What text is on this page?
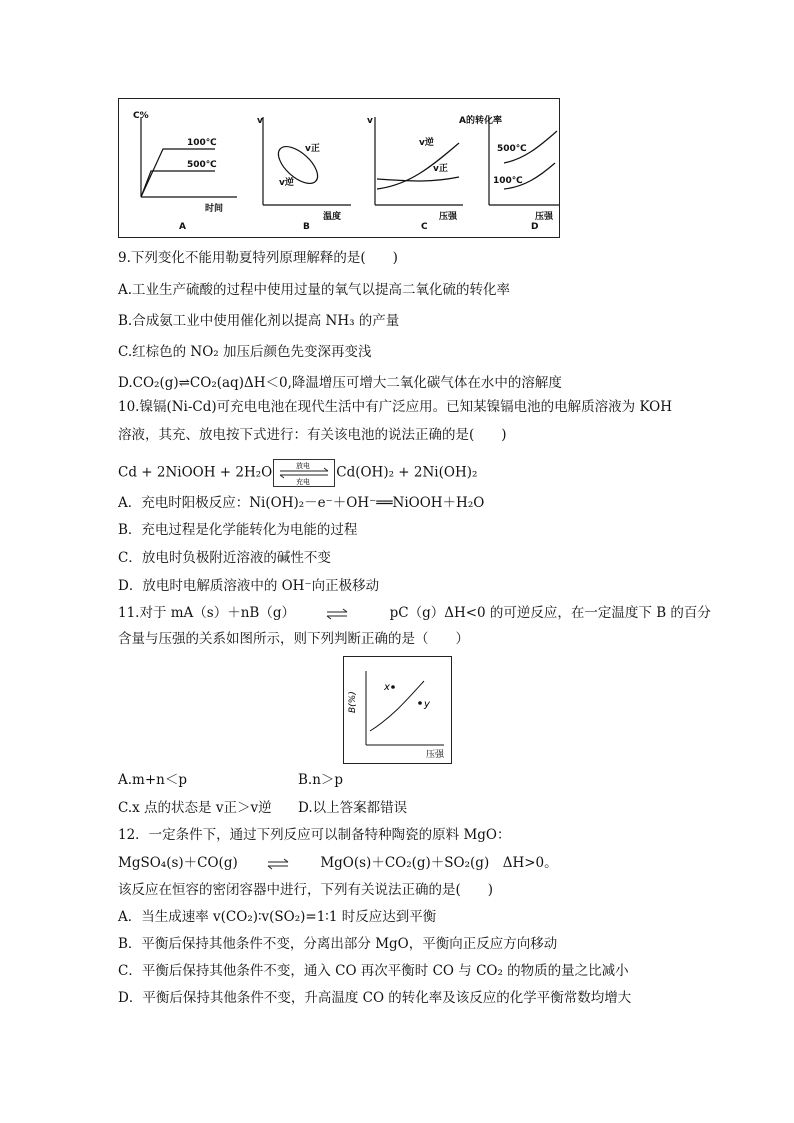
C%
100℃
500℃
时间
A
v
v正
v逆
温度
B
v
v逆
v正
压强
C
A的转化率
500℃
100℃
压强
D
9.下列变化不能用勒夏特列原理解释的是(　　)
A.工业生产硫酸的过程中使用过量的氧气以提高二氧化硫的转化率
B.合成氨工业中使用催化剂以提高 NH₃ 的产量
C.红棕色的 NO₂ 加压后颜色先变深再变浅
D.CO₂(g)⇌CO₂(aq)ΔH＜0,降温增压可增大二氧化碳气体在水中的溶解度
10.镍镉(Ni-Cd)可充电电池在现代生活中有广泛应用。已知某镍镉电池的电解质溶液为 KOH
溶液，其充、放电按下式进行：有关该电池的说法正确的是(　　)
Cd + 2NiOOH + 2H₂O	放电
充电
Cd(OH)₂ + 2Ni(OH)₂
A．充电时阳极反应：Ni(OH)₂－e⁻＋OH⁻══NiOOH＋H₂O
B．充电过程是化学能转化为电能的过程
C．放电时负极附近溶液的碱性不变
D．放电时电解质溶液中的 OH⁻向正极移动
11.对于 mA（s）＋nB（g）	pC（g）ΔH<0 的可逆反应，在一定温度下 B 的百分
含量与压强的关系如图所示，则下列判断正确的是（　　）
x
y
B(%)
压强
A.m+n＜p	B.n＞p
C.x 点的状态是 v正＞v逆 D.以上答案都错误
12．一定条件下，通过下列反应可以制备特种陶瓷的原料 MgO：
MgSO₄(s)＋CO(g)	MgO(s)＋CO₂(g)＋SO₂(g)　ΔH>0。
该反应在恒容的密闭容器中进行，下列有关说法正确的是(　　)
A．当生成速率 v(CO₂)∶v(SO₂)=1∶1 时反应达到平衡
B．平衡后保持其他条件不变，分离出部分 MgO，平衡向正反应方向移动
C．平衡后保持其他条件不变，通入 CO 再次平衡时 CO 与 CO₂ 的物质的量之比减小
D．平衡后保持其他条件不变，升高温度 CO 的转化率及该反应的化学平衡常数均增大
